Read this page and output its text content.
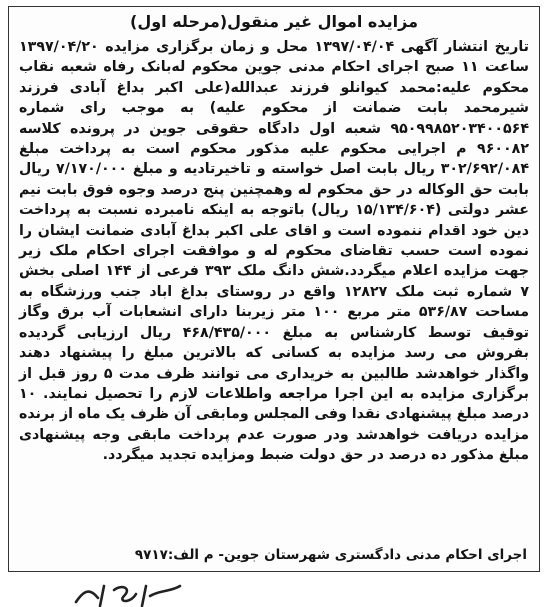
مزایده اموال غیر منقول(مرحله اول)

تاریخ انتشار آگهی ۱۳۹۷/۰۴/۰۴ محل و زمان برگزاری مزایده ۱۳۹۷/۰۴/۲۰ ساعت ۱۱ صبح اجرای احکام مدنی جوین محکوم له‌بانک رفاه شعبه نقاب محکوم علیه:محمد کیوانلو فرزند عبدالله(علی اکبر بداغ آبادی فرزند شیرمحمد بابت ضمانت از محکوم علیه) به موجب رای شماره ۹۵۰۹۹۸۵۲۰۳۴۰۰۵۶۴ شعبه اول دادگاه حقوقی جوین در پرونده کلاسه ۹۶۰۰۸۲ م اجرایی محکوم علیه مذکور محکوم است به پرداخت مبلغ ۳۰۲/۶۹۲/۰۸۴ ریال بابت اصل خواسته و تاخیرتادیه و مبلغ ۷/۱۷۰/۰۰۰ ریال بابت حق الوکاله در حق محکوم له وهمچنین پنج درصد وجوه فوق بابت نیم عشر دولتی (۱۵/۱۳۴/۶۰۴ ریال) باتوجه به اینکه نامبرده نسبت به پرداخت دین خود اقدام ننموده است و اقای علی اکبر بداغ آبادی ضمانت ایشان را نموده است حسب تقاضای محکوم له و موافقت اجرای احکام ملک زیر جهت مزایده اعلام میگردد.شش دانگ ملک ۳۹۳ فرعی از ۱۴۴ اصلی بخش ۷ شماره ثبت ملک ۱۲۸۲۷ واقع در روستای بداغ اباد جنب ورزشگاه به مساحت ۵۳۶/۸۷ متر مربع ۱۰۰ متر زیربنا دارای انشعابات آب برق وگاز توقیف توسط کارشناس به مبلغ ۴۶۸/۴۳۵/۰۰۰ ریال ارزیابی گردیده بفروش می رسد مزایده به کسانی که بالاترین مبلغ را پیشنهاد دهند واگذار خواهدشد طالبین به خریداری می توانند ظرف مدت ۵ روز قبل از برگزاری مزایده به این اجرا مراجعه واطلاعات لازم را تحصیل نمایند. ۱۰ درصد مبلغ پیشنهادی نقدا وفی المجلس ومابقی آن ظرف یک ماه از برنده مزایده دریافت خواهدشد ودر صورت عدم پرداخت مابقی وجه پیشنهادی مبلغ مذکور ده درصد در حق دولت ضبط ومزایده تجدید میگردد.

اجرای احکام مدنی دادگستری شهرستان جوین- م الف:۹۷۱۷
